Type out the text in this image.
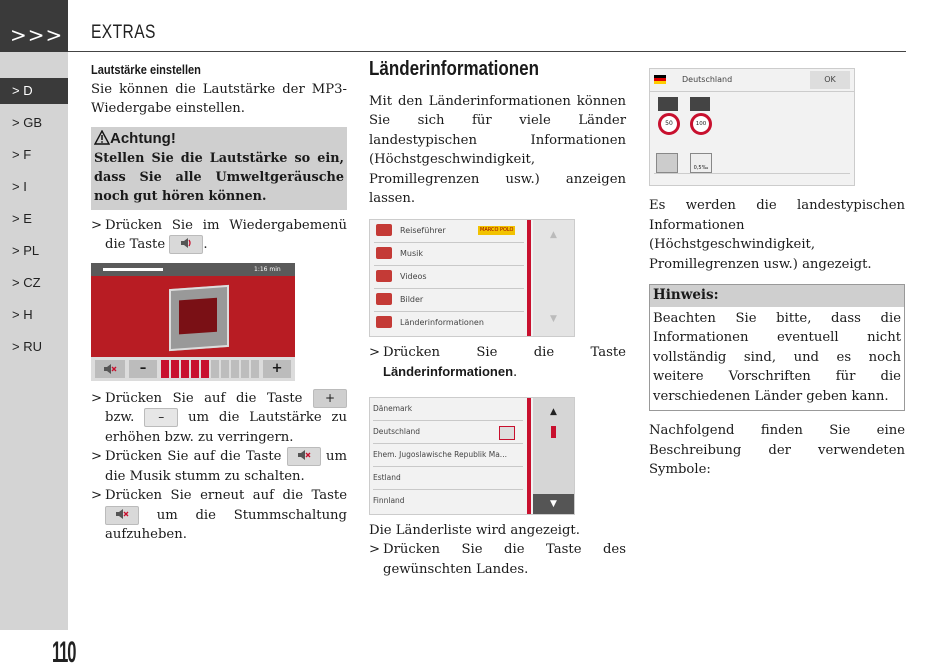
>>>
> D
> GB
> F
> I
> E
> PL
> CZ
> H
> RU
110
EXTRAS

Lautstärke einstellen

Sie können die Lautstärke der MP3-Wiedergabe einstellen.

Achtung!
Stellen Sie die Lautstärke so ein, dass Sie alle Umweltgeräusche noch gut hören können.
> Drücken Sie im Wiedergabemenü die Taste	.
1:16 min
–	+
> Drücken Sie auf die Taste + bzw. – um die Lautstärke zu erhöhen bzw. zu verringern.
> Drücken Sie auf die Taste	um die Musik stumm zu schalten.
> Drücken Sie erneut auf die Taste  um die Stummschaltung aufzuheben.
Länderinformationen

Mit den Länderinformationen können Sie sich für viele Länder landestypischen Informationen (Höchstgeschwindigkeit, Promillegrenzen usw.) anzeigen lassen.

Reiseführer	MARCO POLO
Musik
Videos
Bilder
Länderinformationen
▲
▼
> Drücken Sie die Taste Länderinformationen.
Dänemark
Deutschland
Ehem. Jugoslawische Republik Ma...
Estland
Finnland
▲
▼

Die Länderliste wird angezeigt.

> Drücken Sie die Taste des gewünschten Landes.
Deutschland	OK
50	100
0,5‰

Es werden die landestypischen Informationen (Höchstgeschwindigkeit, Promillegrenzen usw.) angezeigt.

Hinweis:
Beachten Sie bitte, dass die Informationen eventuell nicht vollständig sind, und es noch weitere Vorschriften für die verschiedenen Länder geben kann.

Nachfolgend finden Sie eine Beschreibung der verwendeten Symbole:
